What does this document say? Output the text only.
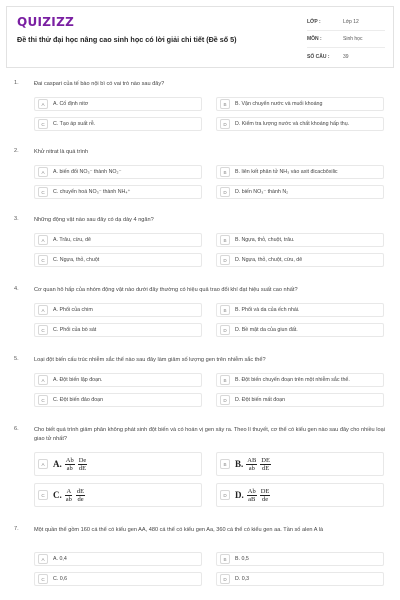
QUIZIZZ
Đề thi thử đại học nâng cao sinh học có lời giải chi tiết (Đề số 5)
LỚP :	Lớp 12
MÔN :	Sinh học
SỐ CÂU :	39
1.	Đai caspari của tế bào nội bì có vai trò nào sau đây?
A	A. Cố định nitơ	B	B. Vận chuyển nước và muối khoáng
C	C. Tạo áp suất rễ.	D	D. Kiểm tra lượng nước và chất khoáng hấp thụ.
2.	Khử nitrat là quá trình
A	A. biến đổi NO₃⁻ thành NO₂⁻	B	B. liên kết phân tử NH₃ vào axit đicacbôxilic
C	C. chuyển hoá NO₃⁻ thành NH₄⁺	D	D. biến NO₃⁻ thành N₂
3.	Những động vật nào sau đây có dạ dày 4 ngăn?
A	A. Trâu, cừu, dê	B	B. Ngựa, thỏ, chuột, trâu.
C	C. Ngựa, thỏ, chuột	D	D. Ngựa, thỏ, chuột, cừu, dê
4.	Cơ quan hô hấp của nhóm động vật nào dưới đây thường có hiệu quả trao đổi khí đạt hiệu suất cao nhất?
A	A. Phổi của chim	B	B. Phổi và da của ếch nhái.
C	C. Phổi của bò sát	D	D. Bề mặt da của giun đất.
5.	Loại đột biến cấu trúc nhiễm sắc thể nào sau đây làm giảm số lượng gen trên nhiễm sắc thể?
A	A. Đột biến lặp đoạn.	B	B. Đột biến chuyển đoạn trên một nhiễm sắc thể.
C	C. Đột biến đảo đoạn	D	D. Đột biến mất đoạn
6.	Cho biết quá trình giảm phân không phát sinh đột biến và có hoán vị gen xảy ra. Theo lí thuyết, cơ thể có kiểu gen nào sau đây cho nhiều loại giao tử nhất?
A A. $\frac{Ab}{ab} \frac{De}{dE}$	B B. $\frac{AB}{ab} \frac{DE}{dE}$
C C. $\frac{A}{ab} \frac{dE}{de}$	D D. $\frac{Ab}{aB} \frac{DE}{de}$
7.	Một quần thể gồm 160 cá thể có kiểu gen AA, 480 cá thể có kiểu gen Aa, 360 cá thể có kiểu gen aa. Tần số alen A là
A	A. 0,4	B	B. 0,5
C	C. 0,6	D	D. 0,3
